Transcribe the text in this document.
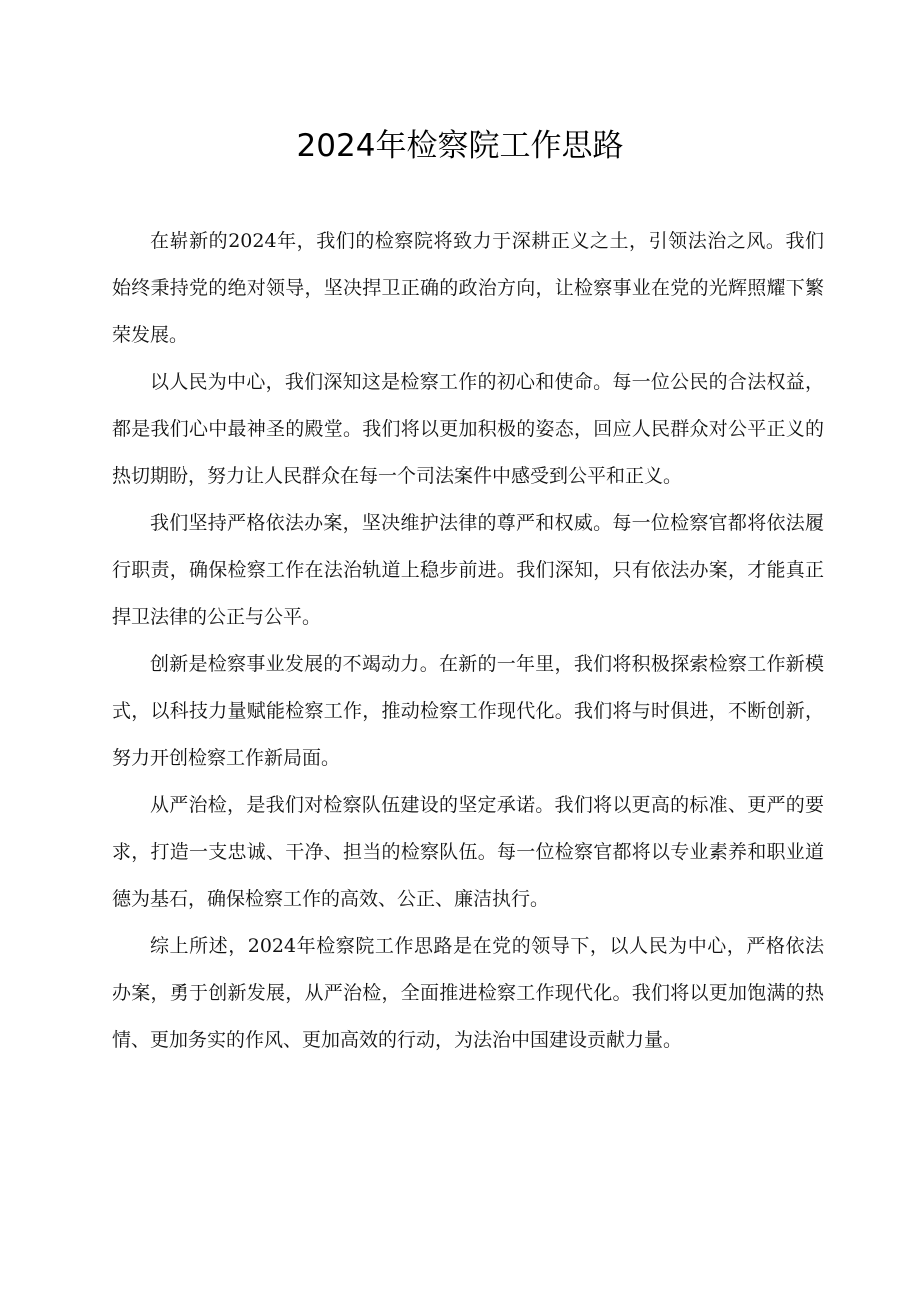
2024年检察院工作思路

在崭新的2024年，我们的检察院将致力于深耕正义之土，引领法治之风。我们始终秉持党的绝对领导，坚决捍卫正确的政治方向，让检察事业在党的光辉照耀下繁荣发展。

以人民为中心，我们深知这是检察工作的初心和使命。每一位公民的合法权益，都是我们心中最神圣的殿堂。我们将以更加积极的姿态，回应人民群众对公平正义的热切期盼，努力让人民群众在每一个司法案件中感受到公平和正义。

我们坚持严格依法办案，坚决维护法律的尊严和权威。每一位检察官都将依法履行职责，确保检察工作在法治轨道上稳步前进。我们深知，只有依法办案，才能真正捍卫法律的公正与公平。

创新是检察事业发展的不竭动力。在新的一年里，我们将积极探索检察工作新模式，以科技力量赋能检察工作，推动检察工作现代化。我们将与时俱进，不断创新，努力开创检察工作新局面。

从严治检，是我们对检察队伍建设的坚定承诺。我们将以更高的标准、更严的要求，打造一支忠诚、干净、担当的检察队伍。每一位检察官都将以专业素养和职业道德为基石，确保检察工作的高效、公正、廉洁执行。

综上所述，2024年检察院工作思路是在党的领导下，以人民为中心，严格依法办案，勇于创新发展，从严治检，全面推进检察工作现代化。我们将以更加饱满的热情、更加务实的作风、更加高效的行动，为法治中国建设贡献力量。
